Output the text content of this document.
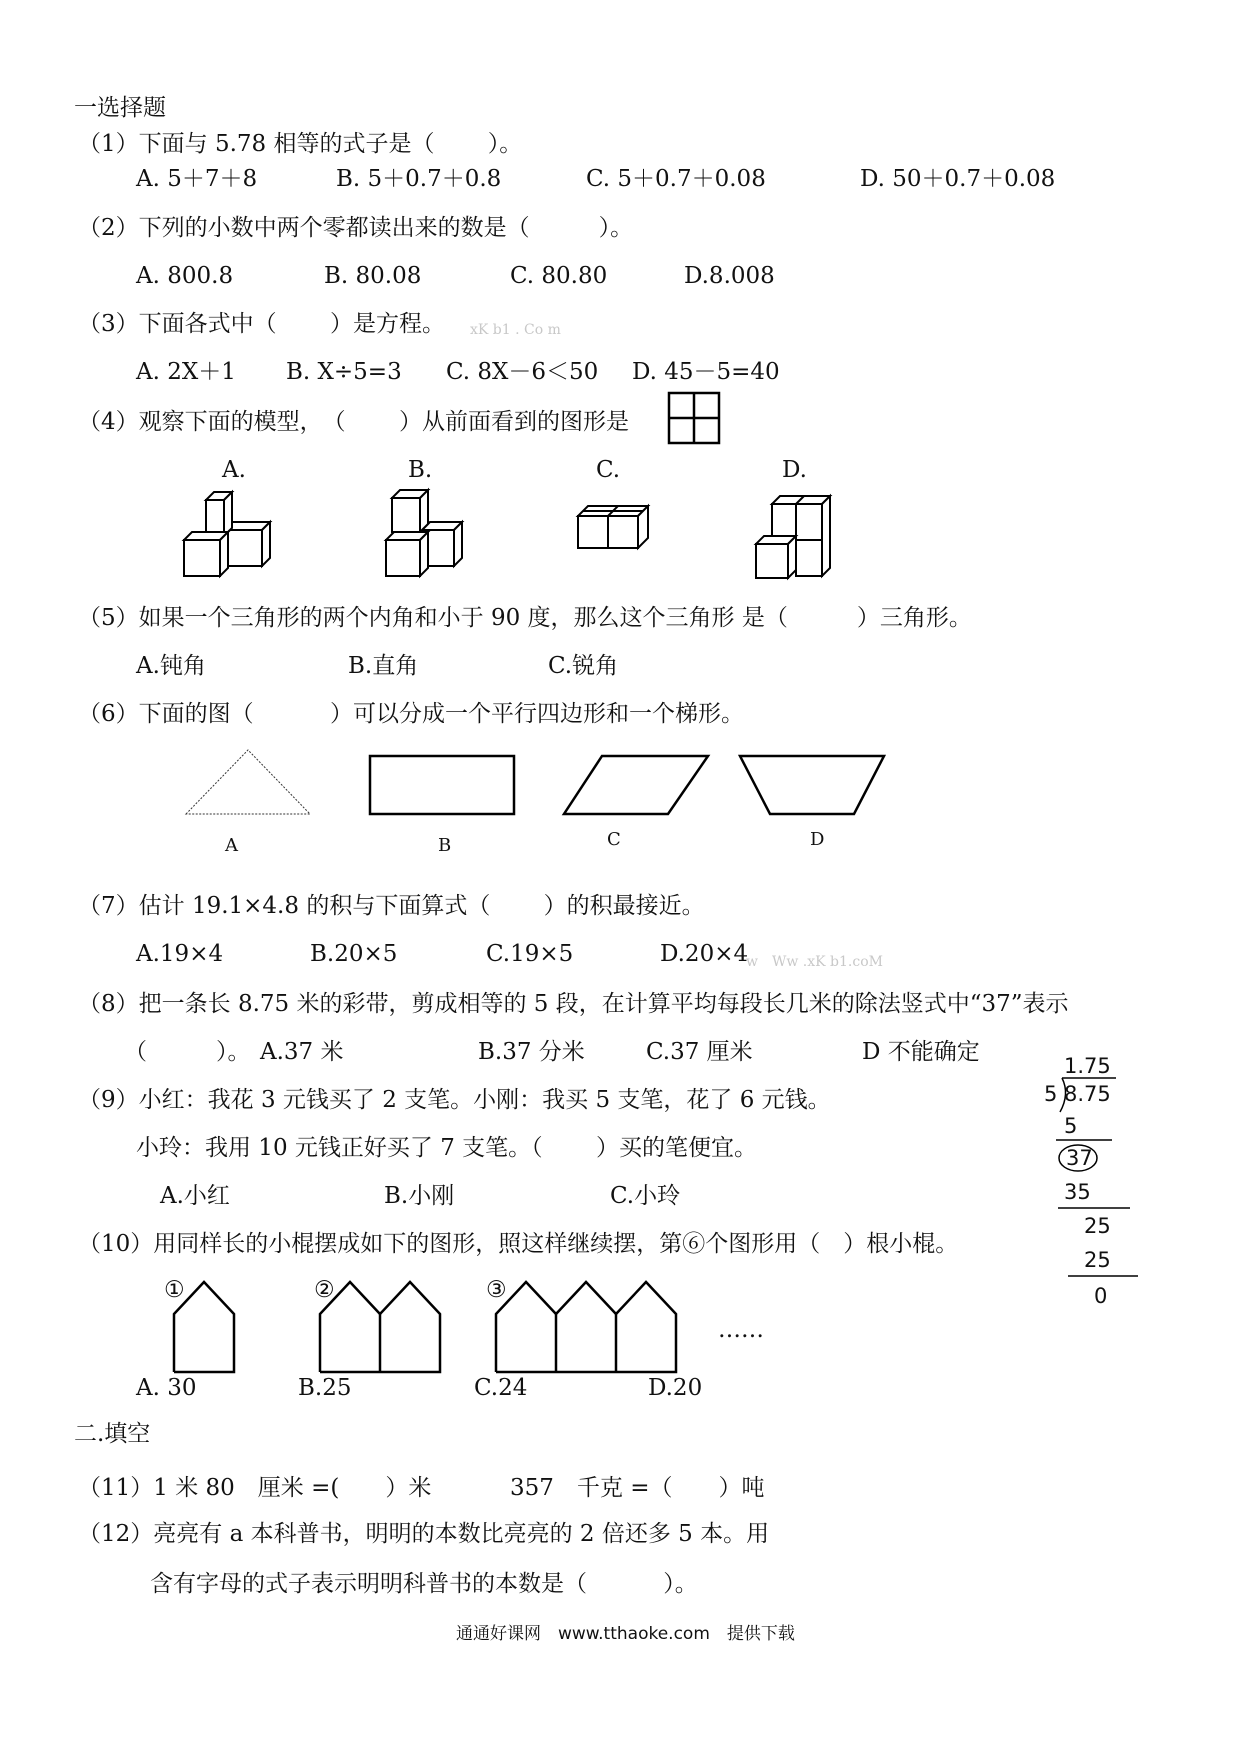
一选择题
（1）下面与 5.78 相等的式子是（　　 ）。
A. 5＋7＋8	B. 5＋0.7＋0.8	C. 5＋0.7＋0.08	D. 50＋0.7＋0.08
（2）下列的小数中两个零都读出来的数是（　　　）。
A. 800.8	B. 80.08	C. 80.80	D.8.008
（3）下面各式中（　　 ）是方程。 xK b1 . Co m
A. 2X＋1 B. X÷5=3 C. 8X－6＜50 D. 45－5=40
（4）观察下面的模型，　（　　 ）从前面看到的图形是
A.	B.	C.	D.
（5）如果一个三角形的两个内角和小于 90 度，那么这个三角形 是（　　　）三角形。
A.钝角	B.直角	C.锐角
（6）下面的图（　　　 ）可以分成一个平行四边形和一个梯形。
A	B	C	D
（7）估计 19.1×4.8 的积与下面算式（　　 ）的积最接近。
A.19×4	B.20×5	C.19×5	D.20×4
w　Ww .xK b1.coM
（8）把一条长 8.75 米的彩带，剪成相等的 5 段，在计算平均每段长几米的除法竖式中“37”表示
（　　　）。 A.37 米	B.37 分米	C.37 厘米	D 不能确定
1.75
5 8.75
5
37
35
25
25
0
（9）小红：我花 3 元钱买了 2 支笔。小刚：我买 5 支笔，花了 6 元钱。
小玲：我用 10 元钱正好买了 7 支笔。（　　 ）买的笔便宜。
A.小红	B.小刚	C.小玲
（10）用同样长的小棍摆成如下的图形，照这样继续摆，第⑥个图形用（　）根小棍。
①	②	③
……
A. 30	B.25	C.24	D.20
二.填空
（11）1 米 80　厘米 =(　　）米	357　千克 =（　　）吨
（12）亮亮有 a 本科普书，明明的本数比亮亮的 2 倍还多 5 本。用
含有字母的式子表示明明科普书的本数是（　　　 ）。
通通好课网　www.tthaoke.com　提供下载
